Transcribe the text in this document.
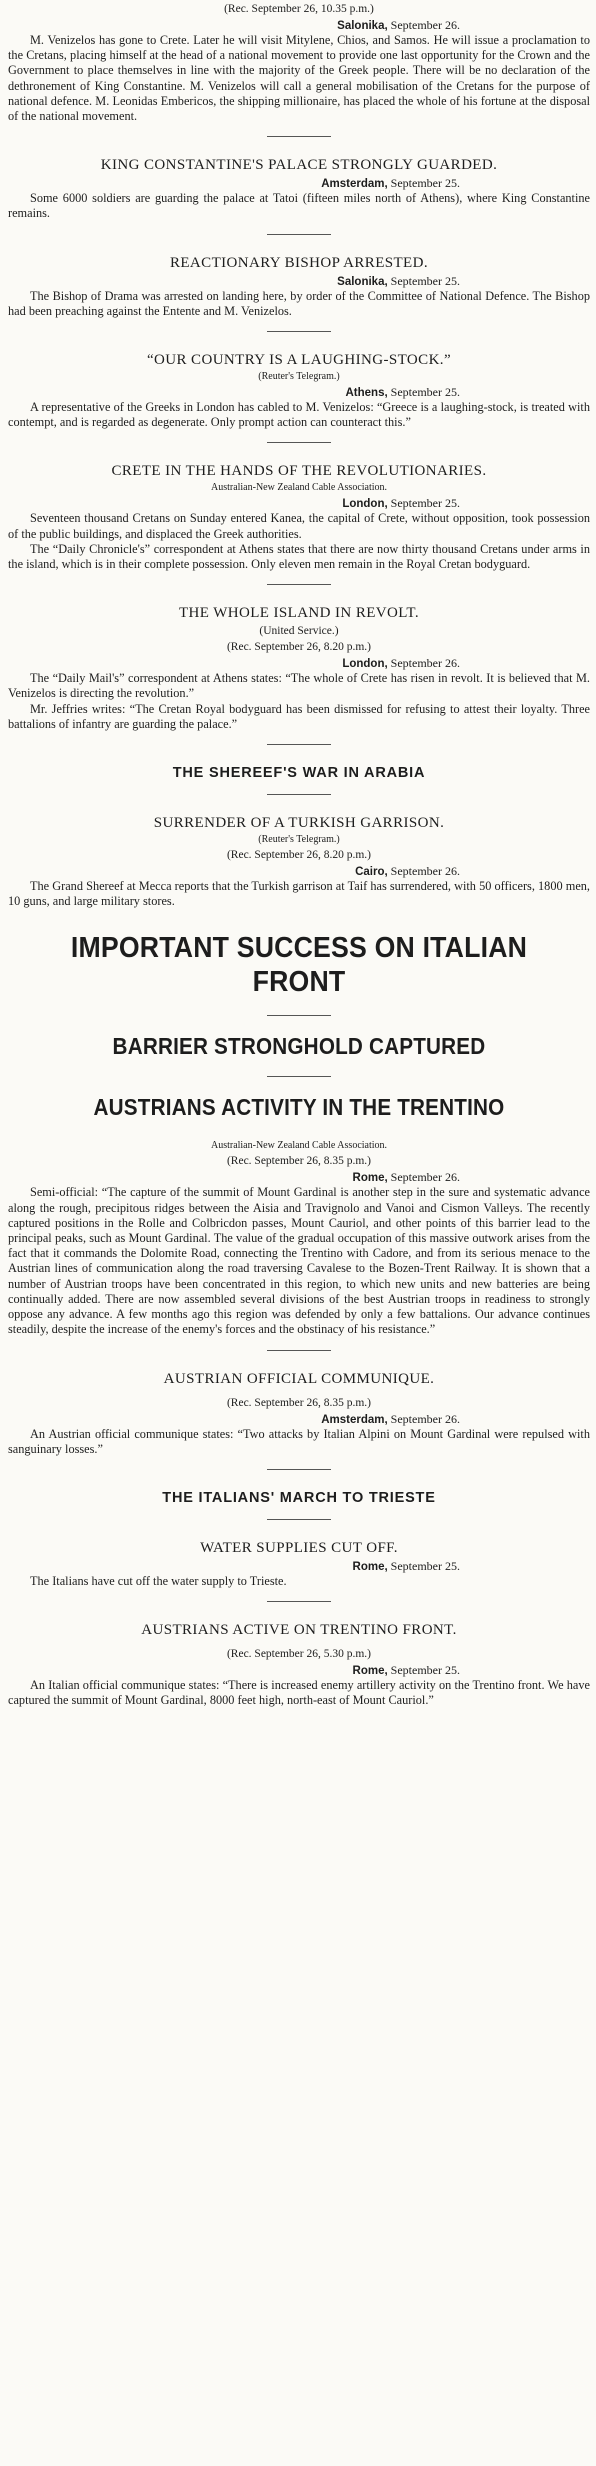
(Rec. September 26, 10.35 p.m.)
Salonika, September 26.

M. Venizelos has gone to Crete. Later he will visit Mitylene, Chios, and Samos. He will issue a proclamation to the Cretans, placing himself at the head of a national movement to provide one last opportunity for the Crown and the Government to place themselves in line with the majority of the Greek people. There will be no declaration of the dethronement of King Constantine. M. Venizelos will call a general mobilisation of the Cretans for the purpose of national defence. M. Leonidas Embericos, the shipping millionaire, has placed the whole of his fortune at the disposal of the national movement.

KING CONSTANTINE'S PALACE STRONGLY GUARDED.
Amsterdam, September 25.

Some 6000 soldiers are guarding the palace at Tatoi (fifteen miles north of Athens), where King Constantine remains.

REACTIONARY BISHOP ARRESTED.
Salonika, September 25.

The Bishop of Drama was arrested on landing here, by order of the Committee of National Defence. The Bishop had been preaching against the Entente and M. Venizelos.

“OUR COUNTRY IS A LAUGHING-STOCK.”
(Reuter's Telegram.)
Athens, September 25.

A representative of the Greeks in London has cabled to M. Venizelos: “Greece is a laughing-stock, is treated with contempt, and is regarded as degenerate. Only prompt action can counteract this.”

CRETE IN THE HANDS OF THE REVOLUTIONARIES.
Australian-New Zealand Cable Association.
London, September 25.

Seventeen thousand Cretans on Sunday entered Kanea, the capital of Crete, without opposition, took possession of the public buildings, and displaced the Greek authorities.

The “Daily Chronicle's” correspondent at Athens states that there are now thirty thousand Cretans under arms in the island, which is in their complete possession. Only eleven men remain in the Royal Cretan bodyguard.

THE WHOLE ISLAND IN REVOLT.
(United Service.)
(Rec. September 26, 8.20 p.m.)
London, September 26.

The “Daily Mail's” correspondent at Athens states: “The whole of Crete has risen in revolt. It is believed that M. Venizelos is directing the revolution.”

Mr. Jeffries writes: “The Cretan Royal bodyguard has been dismissed for refusing to attest their loyalty. Three battalions of infantry are guarding the palace.”

THE SHEREEF'S WAR IN ARABIA
SURRENDER OF A TURKISH GARRISON.
(Reuter's Telegram.)
(Rec. September 26, 8.20 p.m.)
Cairo, September 26.

The Grand Shereef at Mecca reports that the Turkish garrison at Taif has surrendered, with 50 officers, 1800 men, 10 guns, and large military stores.

IMPORTANT SUCCESS ON ITALIAN
FRONT
BARRIER STRONGHOLD CAPTURED
AUSTRIANS ACTIVITY IN THE TRENTINO
Australian-New Zealand Cable Association.
(Rec. September 26, 8.35 p.m.)
Rome, September 26.

Semi-official: “The capture of the summit of Mount Gardinal is another step in the sure and systematic advance along the rough, precipitous ridges between the Aisia and Travignolo and Vanoi and Cismon Valleys. The recently captured positions in the Rolle and Colbricdon passes, Mount Cauriol, and other points of this barrier lead to the principal peaks, such as Mount Gardinal. The value of the gradual occupation of this massive outwork arises from the fact that it commands the Dolomite Road, connecting the Trentino with Cadore, and from its serious menace to the Austrian lines of communication along the road traversing Cavalese to the Bozen-Trent Railway. It is shown that a number of Austrian troops have been concentrated in this region, to which new units and new batteries are being continually added. There are now assembled several divisions of the best Austrian troops in readiness to strongly oppose any advance. A few months ago this region was defended by only a few battalions. Our advance continues steadily, despite the increase of the enemy's forces and the obstinacy of his resistance.”

AUSTRIAN OFFICIAL COMMUNIQUE.
(Rec. September 26, 8.35 p.m.)
Amsterdam, September 26.

An Austrian official communique states: “Two attacks by Italian Alpini on Mount Gardinal were repulsed with sanguinary losses.”

THE ITALIANS' MARCH TO TRIESTE
WATER SUPPLIES CUT OFF.
Rome, September 25.

The Italians have cut off the water supply to Trieste.

AUSTRIANS ACTIVE ON TRENTINO FRONT.
(Rec. September 26, 5.30 p.m.)
Rome, September 25.

An Italian official communique states: “There is increased enemy artillery activity on the Trentino front. We have captured the summit of Mount Gardinal, 8000 feet high, north-east of Mount Cauriol.”
